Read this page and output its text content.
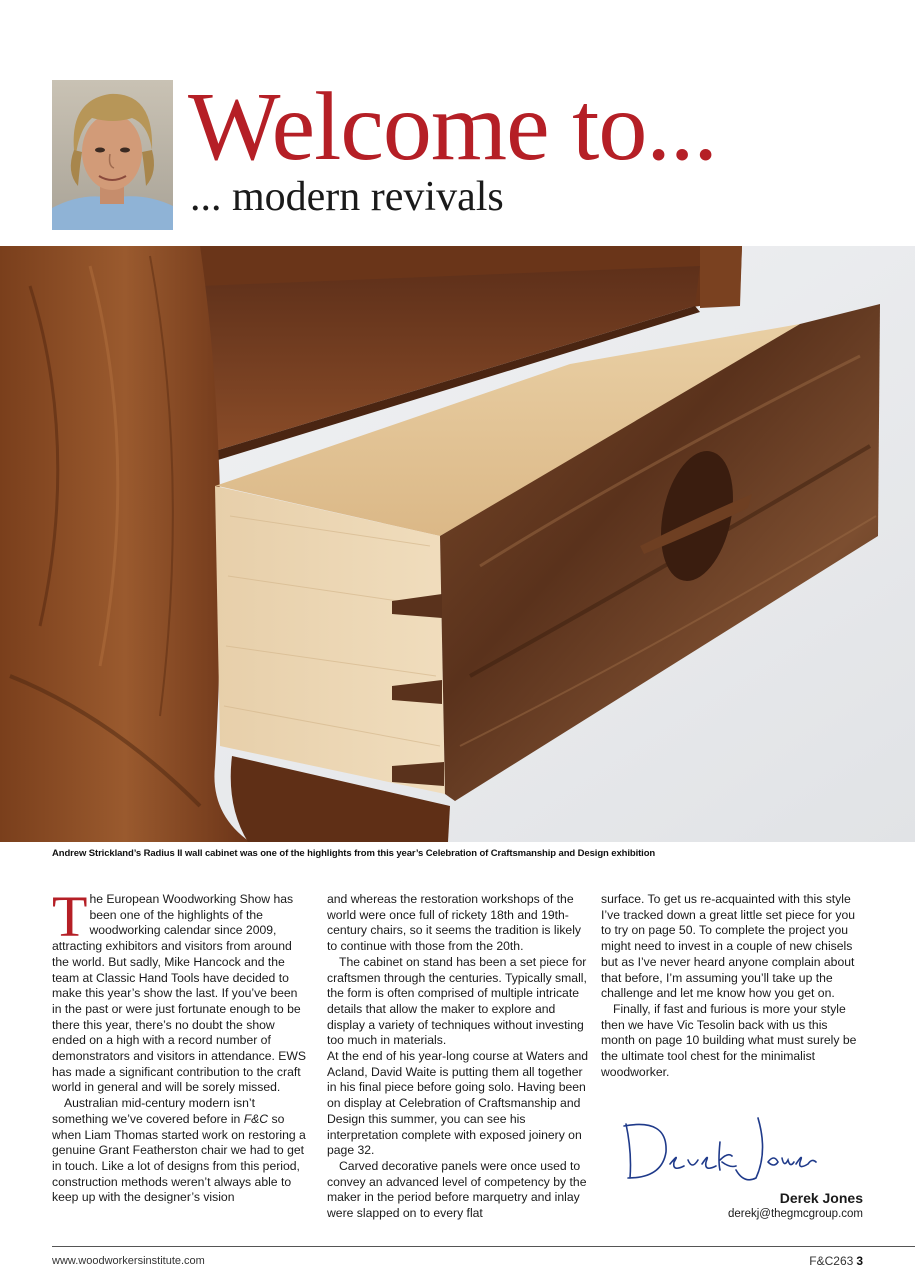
Welcome to...
... modern revivals
Andrew Strickland’s Radius II wall cabinet was one of the highlights from this year’s Celebration of Craftsmanship and Design exhibition

The European Woodworking Show has been one of the highlights of the woodworking calendar since 2009, attracting exhibitors and visitors from around the world. But sadly, Mike Hancock and the team at Classic Hand Tools have decided to make this year’s show the last. If you’ve been in the past or were just fortunate enough to be there this year, there’s no doubt the show ended on a high with a record number of demonstrators and visitors in attendance. EWS has made a significant contribution to the craft world in general and will be sorely missed.

Australian mid-century modern isn’t something we’ve covered before in F&C so when Liam Thomas started work on restoring a genuine Grant Featherston chair we had to get in touch. Like a lot of designs from this period, construction methods weren’t always able to keep up with the designer’s vision

and whereas the restoration workshops of the world were once full of rickety 18th and 19th-century chairs, so it seems the tradition is likely to continue with those from the 20th.

The cabinet on stand has been a set piece for craftsmen through the centuries. Typically small, the form is often comprised of multiple intricate details that allow the maker to explore and display a variety of techniques without investing too much in materials.

At the end of his year-long course at Waters and Acland, David Waite is putting them all together in his final piece before going solo. Having been on display at Celebration of Craftsmanship and Design this summer, you can see his interpretation complete with exposed joinery on page 32.

Carved decorative panels were once used to convey an advanced level of competency by the maker in the period before marquetry and inlay were slapped on to every flat

surface. To get us re-acquainted with this style I’ve tracked down a great little set piece for you to try on page 50. To complete the project you might need to invest in a couple of new chisels but as I’ve never heard anyone complain about that before, I’m assuming you’ll take up the challenge and let me know how you get on.

Finally, if fast and furious is more your style then we have Vic Tesolin back with us this month on page 10 building what must surely be the ultimate tool chest for the minimalist woodworker.

Derek Jones
derekj@thegmcgroup.com
www.woodworkersinstitute.com	F&C263 3
